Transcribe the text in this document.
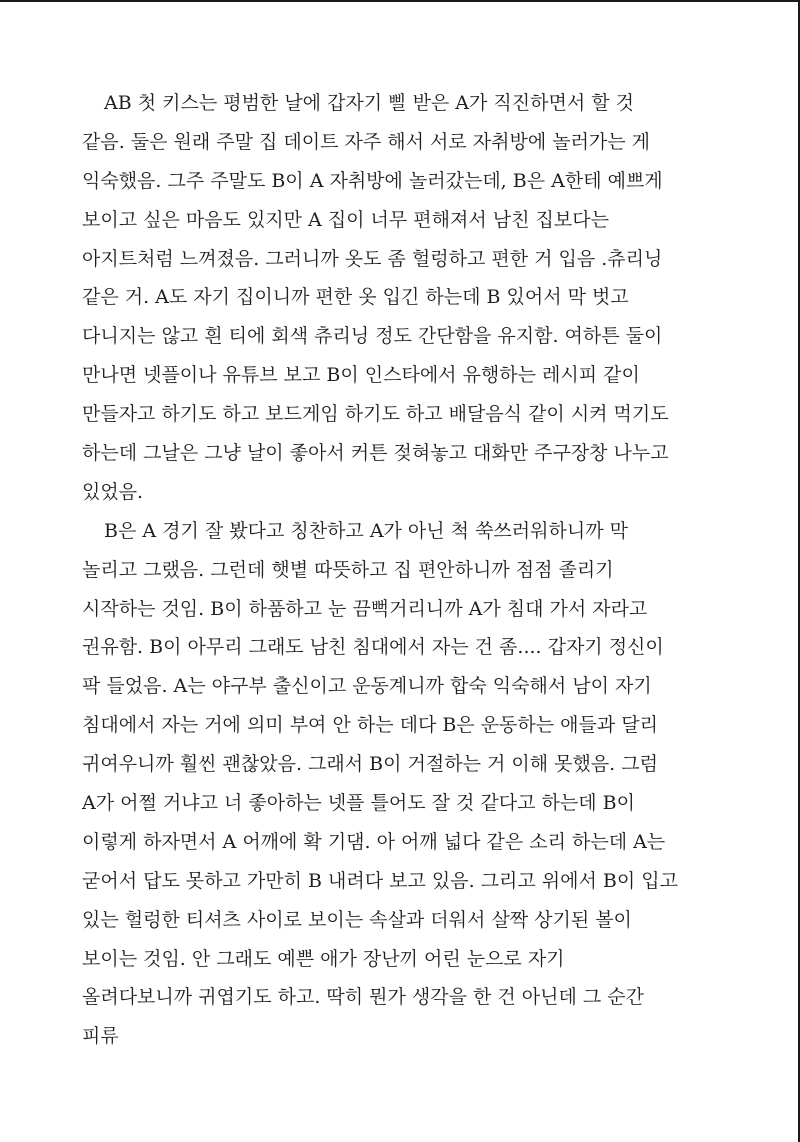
AB 첫 키스는 평범한 날에 갑자기 삘 받은 A가 직진하면서 할 것
같음. 둘은 원래 주말 집 데이트 자주 해서 서로 자취방에 놀러가는 게
익숙했음. 그주 주말도 B이 A 자취방에 놀러갔는데, B은 A한테 예쁘게
보이고 싶은 마음도 있지만 A 집이 너무 편해져서 남친 집보다는
아지트처럼 느껴졌음. 그러니까 옷도 좀 헐렁하고 편한 거 입음 .츄리닝
같은 거. A도 자기 집이니까 편한 옷 입긴 하는데 B 있어서 막 벗고
다니지는 않고 흰 티에 회색 츄리닝 정도 간단함을 유지함. 여하튼 둘이
만나면 넷플이나 유튜브 보고 B이 인스타에서 유행하는 레시피 같이
만들자고 하기도 하고 보드게임 하기도 하고 배달음식 같이 시켜 먹기도
하는데 그날은 그냥 날이 좋아서 커튼 젖혀놓고 대화만 주구장창 나누고
있었음.
B은 A 경기 잘 봤다고 칭찬하고 A가 아닌 척 쑥쓰러워하니까 막
놀리고 그랬음. 그런데 햇볕 따뜻하고 집 편안하니까 점점 졸리기
시작하는 것임. B이 하품하고 눈 끔뻑거리니까 A가 침대 가서 자라고
권유함. B이 아무리 그래도 남친 침대에서 자는 건 좀.... 갑자기 정신이
팍 들었음. A는 야구부 출신이고 운동계니까 합숙 익숙해서 남이 자기
침대에서 자는 거에 의미 부여 안 하는 데다 B은 운동하는 애들과 달리
귀여우니까 훨씬 괜찮았음. 그래서 B이 거절하는 거 이해 못했음. 그럼
A가 어쩔 거냐고 너 좋아하는 넷플 틀어도 잘 것 같다고 하는데 B이
이렇게 하자면서 A 어깨에 확 기댐. 아 어깨 넓다 같은 소리 하는데 A는
굳어서 답도 못하고 가만히 B 내려다 보고 있음. 그리고 위에서 B이 입고
있는 헐렁한 티셔츠 사이로 보이는 속살과 더워서 살짝 상기된 볼이
보이는 것임. 안 그래도 예쁜 애가 장난끼 어린 눈으로 자기
올려다보니까 귀엽기도 하고. 딱히 뭔가 생각을 한 건 아닌데 그 순간
피류
